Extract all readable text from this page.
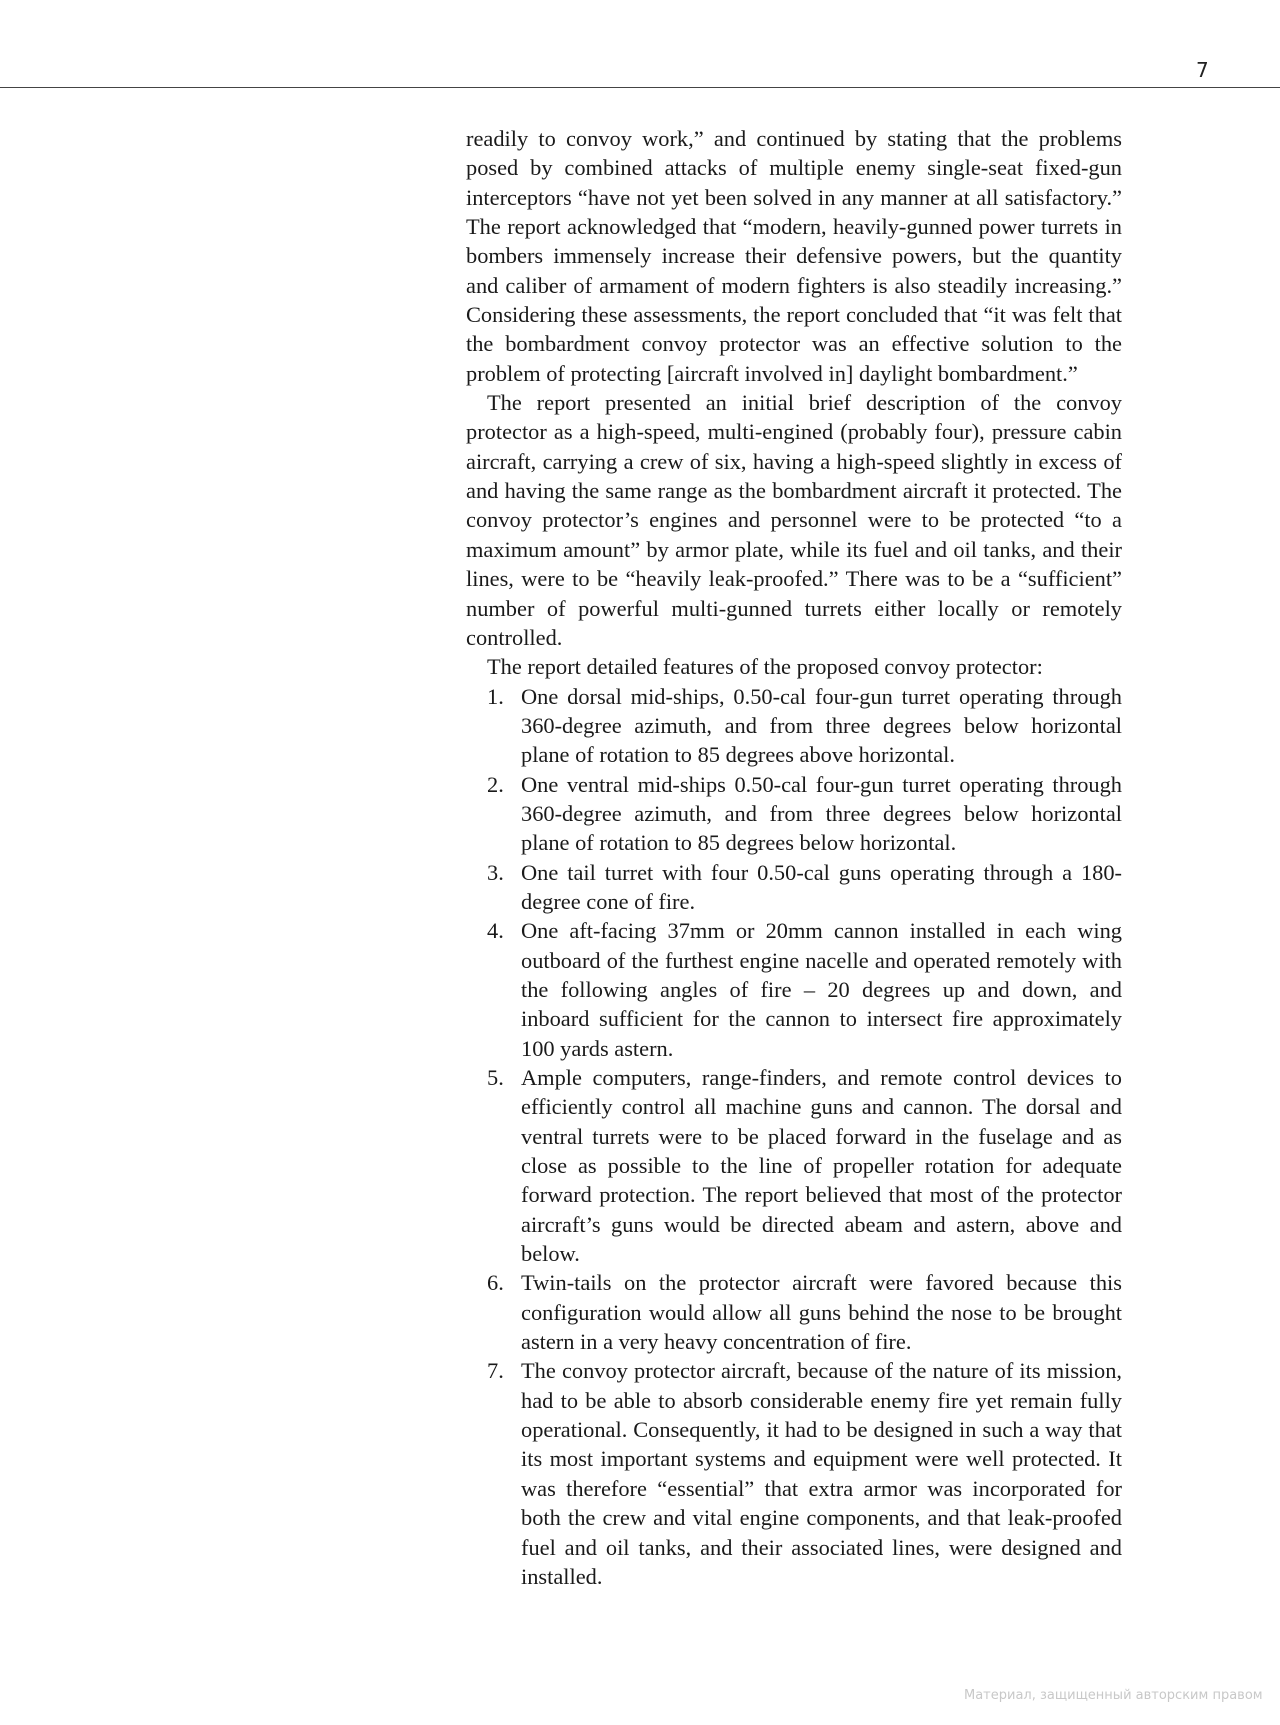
7

readily to convoy work,” and continued by stating that the problems posed by combined attacks of multiple enemy single-seat fixed-gun interceptors “have not yet been solved in any manner at all satisfactory.” The report acknowledged that “modern, heavily-gunned power turrets in bombers immensely increase their defensive powers, but the quantity and caliber of armament of modern fighters is also steadily increasing.” Considering these assessments, the report concluded that “it was felt that the bombardment convoy protector was an effective solution to the problem of protecting [aircraft involved in] daylight bombardment.”

The report presented an initial brief description of the convoy protector as a high-speed, multi-engined (probably four), pressure cabin aircraft, carrying a crew of six, having a high-speed slightly in excess of and having the same range as the bombardment aircraft it protected. The convoy protector’s engines and personnel were to be protected “to a maximum amount” by armor plate, while its fuel and oil tanks, and their lines, were to be “heavily leak-proofed.” There was to be a “sufficient” number of powerful multi-gunned turrets either locally or remotely controlled.

The report detailed features of the proposed convoy protector:

1. One dorsal mid-ships, 0.50-cal four-gun turret operating through 360-degree azimuth, and from three degrees below horizontal plane of rotation to 85 degrees above horizontal.
2. One ventral mid-ships 0.50-cal four-gun turret operating through 360-degree azimuth, and from three degrees below horizontal plane of rotation to 85 degrees below horizontal.
3. One tail turret with four 0.50-cal guns operating through a 180-degree cone of fire.
4. One aft-facing 37mm or 20mm cannon installed in each wing outboard of the furthest engine nacelle and operated remotely with the following angles of fire – 20 degrees up and down, and inboard sufficient for the cannon to intersect fire approximately 100 yards astern.
5. Ample computers, range-finders, and remote control devices to efficiently control all machine guns and cannon. The dorsal and ventral turrets were to be placed forward in the fuselage and as close as possible to the line of propeller rotation for adequate forward protection. The report believed that most of the protector aircraft’s guns would be directed abeam and astern, above and below.
6. Twin-tails on the protector aircraft were favored because this configuration would allow all guns behind the nose to be brought astern in a very heavy concentration of fire.
7. The convoy protector aircraft, because of the nature of its mission, had to be able to absorb considerable enemy fire yet remain fully operational. Consequently, it had to be designed in such a way that its most important systems and equipment were well protected. It was therefore “essential” that extra armor was incorporated for both the crew and vital engine components, and that leak-proofed fuel and oil tanks, and their associated lines, were designed and installed.
Материал, защищенный авторским правом
